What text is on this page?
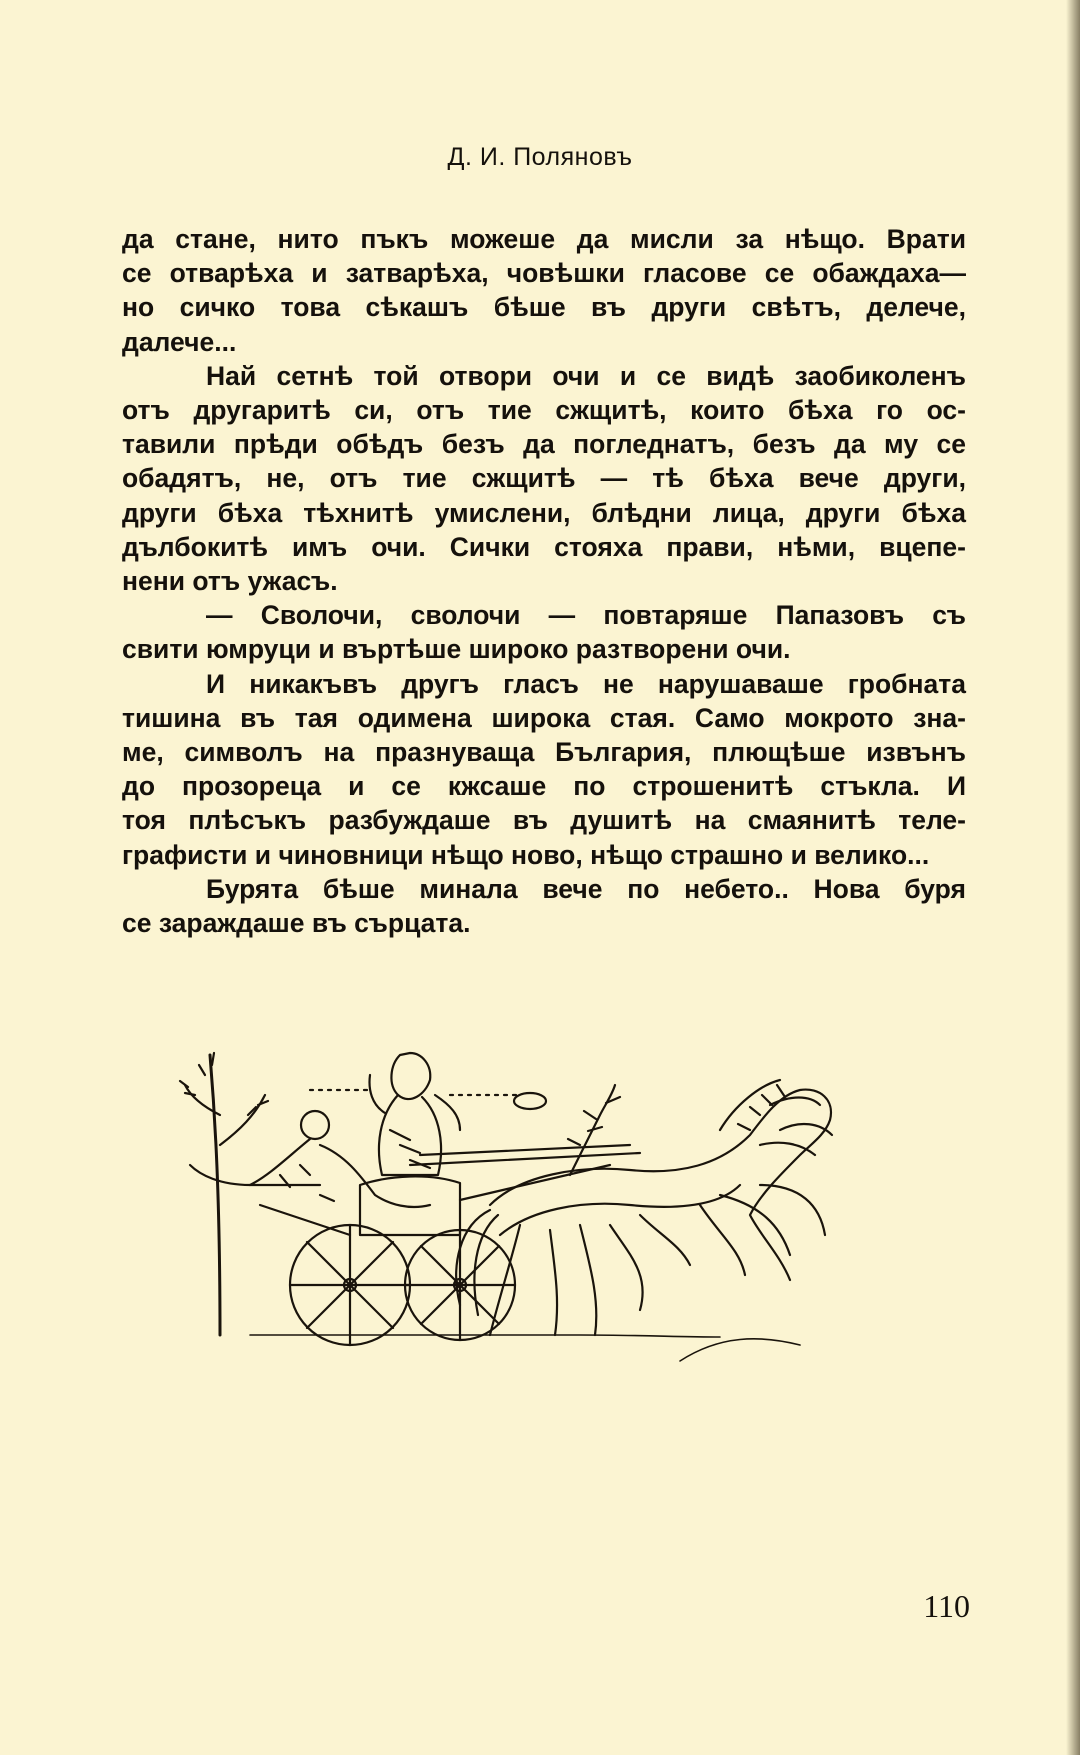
Д. И. Поляновъ
да стане, нито пъкъ можеше да мисли за нѣщо. Врати
се отварѣха и затварѣха, човѣшки гласове се обаждаха—
но сичко това сѣкашъ бѣше въ други свѣтъ, делече,
далече...
Най сетнѣ той отвори очи и се видѣ заобиколенъ
отъ другаритѣ си, отъ тие сжщитѣ, които бѣха го ос-
тавили прѣди обѣдъ безъ да погледнатъ, безъ да му се
обадятъ, не, отъ тие сжщитѣ — тѣ бѣха вече други,
други бѣха тѣхнитѣ умислени, блѣдни лица, други бѣха
дълбокитѣ имъ очи. Сички стояха прави, нѣми, вцепе-
нени отъ ужасъ.
— Сволочи, сволочи — повтаряше Папазовъ съ
свити юмруци и въртѣше широко разтворени очи.
И никакъвъ другъ гласъ не нарушаваше гробната
тишина въ тая одимена широка стая. Само мокрото зна-
ме, символъ на празнуваща България, плющѣше извънъ
до прозореца и се кжсаше по строшенитѣ стъкла. И
тоя плѣсъкъ разбуждаше въ душитѣ на смаянитѣ теле-
графисти и чиновници нѣщо ново, нѣщо страшно и велико...
Бурята бѣше минала вече по небето.. Нова буря
се зараждаше въ сърцата.
110
